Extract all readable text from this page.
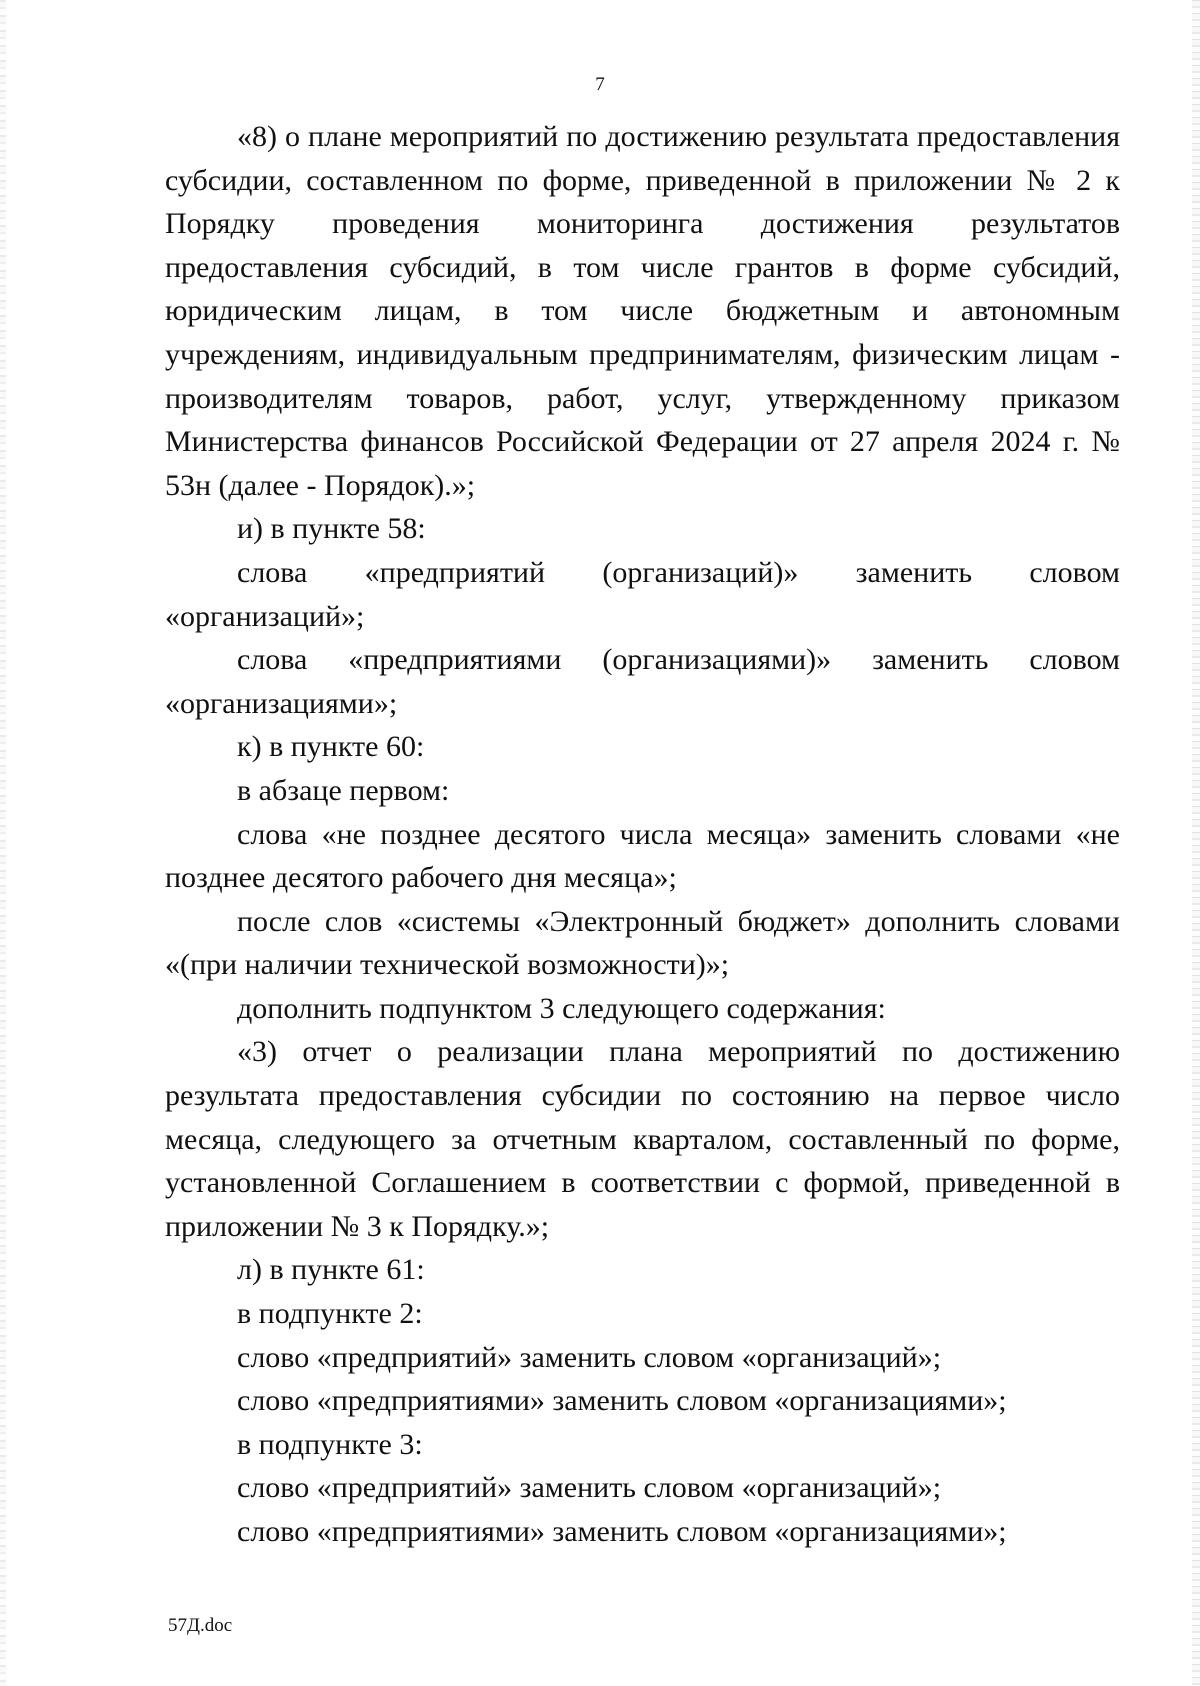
7

«8) о плане мероприятий по достижению результата предоставления субсидии, составленном по форме, приведенной в приложении № 2 к Порядку проведения мониторинга достижения результатов предоставления субсидий, в том числе грантов в форме субсидий, юридическим лицам, в том числе бюджетным и автономным учреждениям, индивидуальным предпринимателям, физическим лицам - производителям товаров, работ, услуг, утвержденному приказом Министерства финансов Российской Федерации от 27 апреля 2024 г. № 53н (далее - Порядок).»;

и) в пункте 58:

слова «предприятий (организаций)» заменить словом «организаций»;

слова «предприятиями (организациями)» заменить словом «организациями»;

к) в пункте 60:

в абзаце первом:

слова «не позднее десятого числа месяца» заменить словами «не позднее десятого рабочего дня месяца»;

после слов «системы «Электронный бюджет» дополнить словами «(при наличии технической возможности)»;

дополнить подпунктом 3 следующего содержания:

«3) отчет о реализации плана мероприятий по достижению результата предоставления субсидии по состоянию на первое число месяца, следующего за отчетным кварталом, составленный по форме, установленной Соглашением в соответствии с формой, приведенной в приложении № 3 к Порядку.»;

л) в пункте 61:

в подпункте 2:

слово «предприятий» заменить словом «организаций»;

слово «предприятиями» заменить словом «организациями»;

в подпункте 3:

слово «предприятий» заменить словом «организаций»;

слово «предприятиями» заменить словом «организациями»;

57Д.doc
